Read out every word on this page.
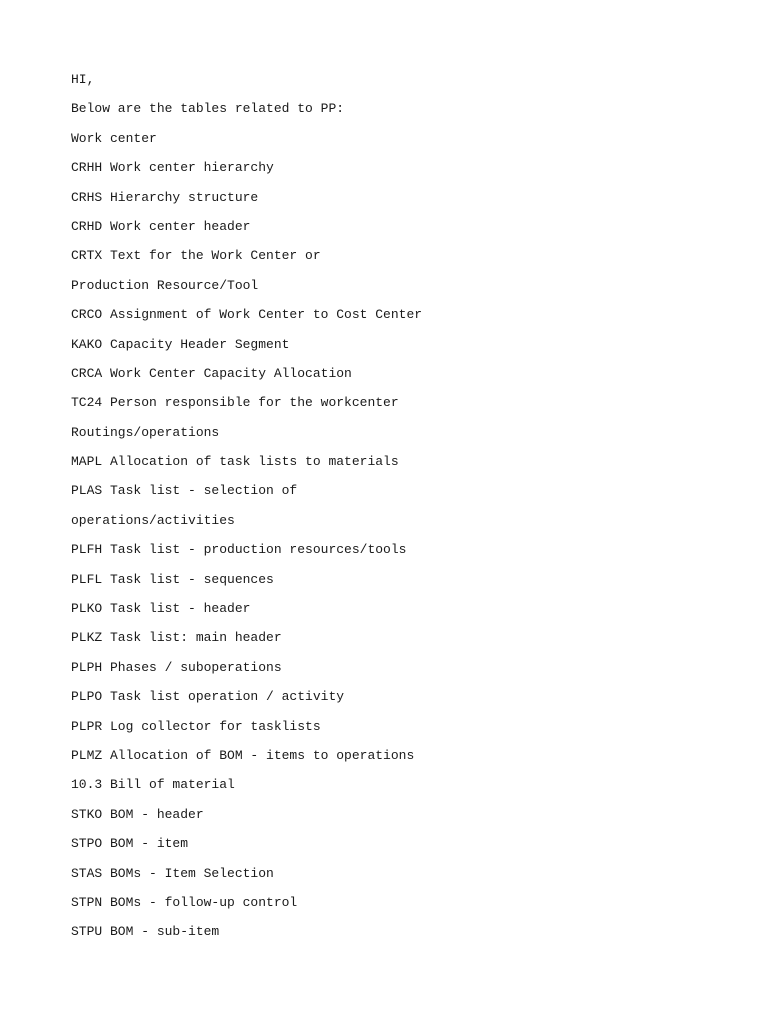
HI,
Below are the tables related to PP:
Work center
CRHH Work center hierarchy
CRHS Hierarchy structure
CRHD Work center header
CRTX Text for the Work Center or
Production Resource/Tool
CRCO Assignment of Work Center to Cost Center
KAKO Capacity Header Segment
CRCA Work Center Capacity Allocation
TC24 Person responsible for the workcenter
Routings/operations
MAPL Allocation of task lists to materials
PLAS Task list - selection of
operations/activities
PLFH Task list - production resources/tools
PLFL Task list - sequences
PLKO Task list - header
PLKZ Task list: main header
PLPH Phases / suboperations
PLPO Task list operation / activity
PLPR Log collector for tasklists
PLMZ Allocation of BOM - items to operations
10.3 Bill of material
STKO BOM - header
STPO BOM - item
STAS BOMs - Item Selection
STPN BOMs - follow-up control
STPU BOM - sub-item
